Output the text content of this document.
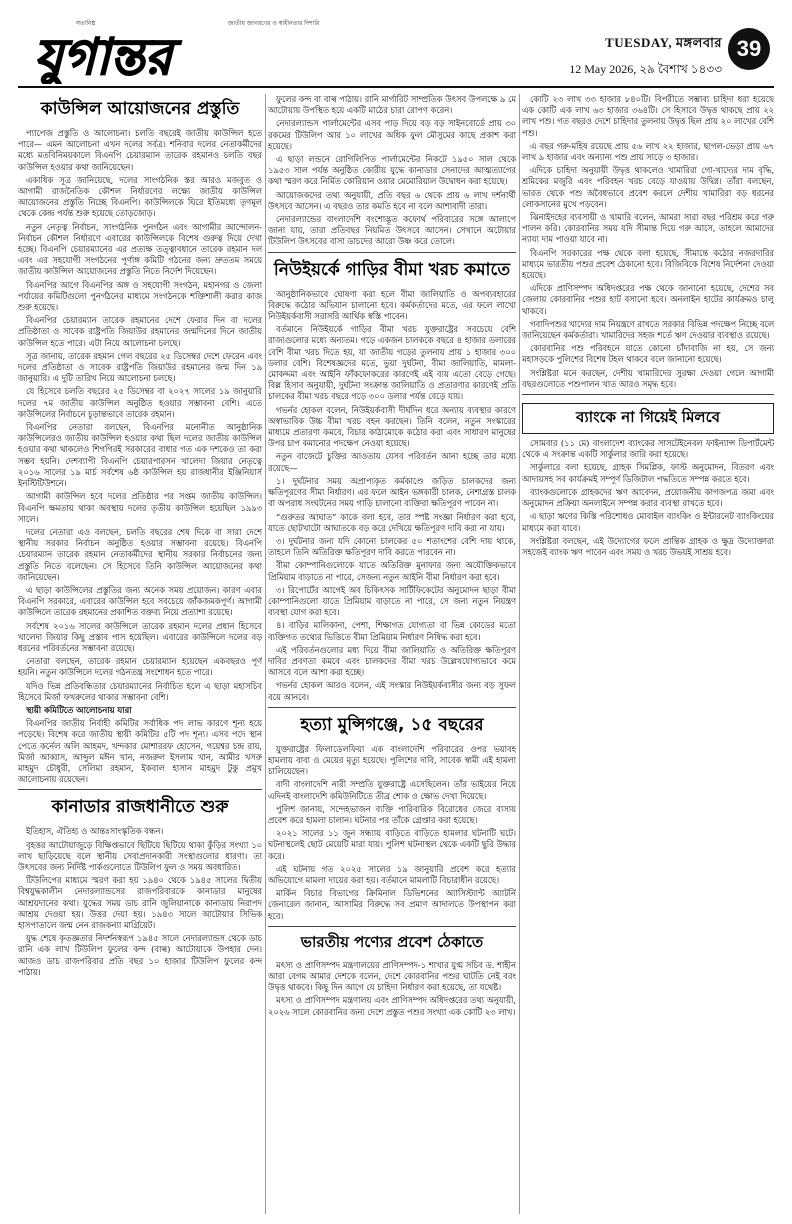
সত্যনিষ্ঠ	জাতীয় জাগরণের ও স্বাধীনতার দিশারি
যুগান্তর	TUESDAY, মঙ্গলবার
12 May 2026, ২৯ বৈশাখ ১৪৩৩
39
কাউন্সিল আয়োজনের প্রস্তুতি

প্যাপেজ প্রস্তুতি ও আলোচনা। চলতি বছরেই জাতীয় কাউন্সিল হতে পারে— এমন আলোচনা এখন দলের সর্বত্র। শনিবার দলের নেতাকর্মীদের মধ্যে মতবিনিময়কালে বিএনপি চেয়ারম্যান তারেক রহমানও চলতি বছর কাউন্সিল হওয়ার কথা জানিয়েছেন।

একাধিক সূত্র জানিয়েছে, দলের সাংগঠনিক স্তর আরও মজবুত ও আগামী রাজনৈতিক কৌশল নির্ধারণের লক্ষ্যে জাতীয় কাউন্সিল আয়োজনের প্রস্তুতি নিচ্ছে বিএনপি। কাউন্সিলকে ঘিরে ইতিমধ্যে তৃণমূল থেকে কেন্দ্র পর্যন্ত শুরু হয়েছে তোড়জোড়।

নতুন নেতৃত্ব নির্বাচন, সাংগঠনিক পুনর্গঠন এবং আগামীর আন্দোলন-নির্বাচন কৌশল নির্ধারণে এবারের কাউন্সিলকে বিশেষ গুরুত্ব দিয়ে দেখা হচ্ছে। বিএনপি চেয়ারম্যানের এর প্রত্যক্ষ তত্ত্বাবধানে তারেক রহমান দল এবং এর সহযোগী সংগঠনের পূর্ণাঙ্গ কমিটি গঠনের জন্য দ্রুততম সময়ে জাতীয় কাউন্সিল আয়োজনের প্রস্তুতি নিতে নির্দেশ দিয়েছেন।

বিএনপির আগে বিএনপির অঙ্গ ও সহযোগী সংগঠন, মহানগর ও জেলা পর্যায়ের কমিটিগুলো পুনর্গঠনের মাধ্যমে সংগঠনকে শক্তিশালী করার কাজ শুরু হয়েছে।

বিএনপির চেয়ারম্যান তারেক রহমানের দেশে ফেরার দিন বা দলের প্রতিষ্ঠাতা ও সাবেক রাষ্ট্রপতি জিয়াউর রহমানের জন্মদিনের দিনে জাতীয় কাউন্সিল হতে পারে। এটা নিয়ে আলোচনা চলছে।

সূত্র জানায়, তারেক রহমান গেল বছরের ২৫ ডিসেম্বর দেশে ফেরেন এবং দলের প্রতিষ্ঠাতা ও সাবেক রাষ্ট্রপতি জিয়াউর রহমানের জন্ম দিন ১৯ জানুয়ারি। এ দুটি তারিখ নিয়ে আলোচনা চলছে।

যে হিসেবে চলতি বছরের ২৫ ডিসেম্বর বা ২০২৭ সালের ১৯ জানুয়ারি দলের ৭ম জাতীয় কাউন্সিল অনুষ্ঠিত হওয়ার সম্ভাবনা বেশি। এতে কাউন্সিলের নির্বাচনে চূড়ান্তভাবে তারেক রহমান।

বিএনপির নেতারা বলছেন, বিএনপির মনোনীত আনুষ্ঠানিক কাউন্সিলেরও জাতীয় কাউন্সিল হওয়ার কথা ছিল দলের জাতীয় কাউন্সিল হওয়ার কথা থাকলেও শিগগিরই সরকারের বাধার গত এক দশকেও তা করা সম্ভব হয়নি। দেশব্যাপী বিএনপি চেয়ারপারসন খালেদা জিয়ার নেতৃত্বে ২০১৬ সালের ১৯ মার্চ সর্বশেষ ৬ষ্ঠ কাউন্সিল হয় রাজধানীর ইঞ্জিনিয়ার্স ইনস্টিটিউশনে।

আগামী কাউন্সিল হবে দলের প্রতিষ্ঠার পর সপ্তম জাতীয় কাউন্সিল। বিএনপি ক্ষমতায় থাকা অবস্থায় দলের তৃতীয় কাউন্সিল হয়েছিল ১৯৯৩ সালে।

দলের নেতারা এও বলছেন, চলতি বছরের শেষ দিকে বা সারা দেশে স্থানীয় সরকার নির্বাচন অনুষ্ঠিত হওয়ার সম্ভাবনা রয়েছে। বিএনপি চেয়ারম্যান তারেক রহমান নেতাকর্মীদের স্থানীয় সরকার নির্বাচনের জন্য প্রস্তুতি নিতে বলেছেন। সে হিসেবে তিনি কাউন্সিল আয়োজনের কথা জানিয়েছেন।

এ ছাড়া কাউন্সিলের প্রস্তুতির জন্য অনেক সময় প্রয়োজন। কারণ এবার বিএনপি সরকারে, এবারের কাউন্সিল হবে সবচেয়ে জাঁকজমকপূর্ণ। আগামী কাউন্সিলে তারেক রহমানের প্রকাশিত বক্তব্য নিয়ে প্রত্যাশা রয়েছে।

সর্বশেষ ২০১৬ সালের কাউন্সিলে তারেক রহমান দলের প্রধান হিসেবে খালেদা জিয়ার কিছু প্রস্তাব পাস হয়েছিল। এবারের কাউন্সিলে দলের বড় ধরনের পরিবর্তনের সম্ভাবনা রয়েছে।

নেতারা বলছেন, তারেক রহমান চেয়ারম্যান হয়েছেন একবছরও পূর্ণ হয়নি। নতুন কাউন্সিলে দলের গঠনতন্ত্র সংশোধন হতে পারে।

যদিও ভিন্ন প্রতিবন্ধিতার চেয়ারম্যানের নির্বাচিত হলে এ ছাড়া মহাসচিব হিসেবে মির্জা ফখরুলের থাকার সম্ভাবনা বেশি।

স্থায়ী কমিটিতে আলোচনায় যারা

বিএনপির জাতীয় নির্বাহী কমিটির সর্বাধিক পদ লাভ কারণে শূন্য হয়ে পড়েছে। বিশেষ করে জাতীয় স্থায়ী কমিটির ৫টি পদ শূন্য। এসব পদে স্থান পেতে কর্নেল অলি আহমদ, খন্দকার মোশাররফ হোসেন, গয়েশ্বর চন্দ্র রায়, মির্জা আব্বাস, আব্দুল মঈন খান, নজরুল ইসলাম খান, আমীর খসরু মাহমুদ চৌধুরী, সেলিমা রহমান, ইকবাল হাসান মাহমুদ টুকু প্রমুখ আলোচনায় রয়েছেন।

কানাডার রাজধানীতে শুরু

ইতিহাস, ঐতিহ্য ও আন্তঃসাংস্কৃতিক বন্ধন।

বৃহত্তর আটোয়াজুড়ে বিক্ষিপ্তভাবে ছিটিয়ে ছিটিয়ে থাকা কুঁড়ির সংখ্যা ১০ লাখ ছাড়িয়েছে বলে স্থানীয় সেবাপ্রদানকারী সংস্থাগুলোর ধারণা। তা উৎসবের জন্য নির্দিষ্ট পার্কগুলোতে টিউলিপ ফুল ও সময় অবধারিত।

টিউলিপের মাধ্যমে স্মরণ করা হয় ১৯৪০ থেকে ১৯৪৫ সালের দ্বিতীয় বিশ্বযুদ্ধকালীন নেদারল্যান্ডসের রাজপরিবারকে কানাডার মানুষের আশ্রয়দানের কথা। যুদ্ধের সময় ডাচ রানি জুলিয়ানাকে কানাডায় নিরাপদ আশ্রয় দেওয়া হয়। উত্তর দেয়া হয়। ১৯৪৩ সালে আটোয়ার সিভিক হাসপাতালে জন্ম নেন রাজকন্যা মার্গ্রিয়েট।

যুদ্ধ শেষে কৃতজ্ঞতার নিদর্শনস্বরূপ ১৯৪৫ সালে নেদারল্যান্ডস থেকে ডাচ রানি এক লাখ টিউলিপ ফুলের কন্দ (বাল্ব) আটোয়াকে উপহার দেন। আজও ডাচ রাজপরিবার প্রতি বছর ১০ হাজার টিউলিপ ফুলের কন্দ পাঠায়।

ফুলের কন্দ বা বাল্ব পাঠায়। রানি মার্গারিট সাম্প্রতিক উৎসব উপলক্ষে ৯ মে আটোয়ায় উপস্থিত হয়ে একটি মাঠের চারা রোপণ করেন।

নেদারল্যান্ডস পার্লামেন্টের এসব পাড় দিয়ে বড় বড় সাইনবোর্ডে প্রায় ৩০ রকমের টিউলিপ আর ১০ লাখের অধিক ফুল মৌসুমের কাছে প্রকাশ করা হয়েছে।

এ ছাড়া লন্ডনে রোগিলিপিত পার্লামেন্টের নিকটে ১৯৫০ সাল থেকে ১৯৫৩ সাল পর্যন্ত অনুষ্ঠিত কোরীয় যুদ্ধে কানাডার সেনাদের আত্মত্যাগের কথা স্মরণ করে নির্মিত কোরিয়ান ওয়ার মেমোরিয়াল উদ্বোধন করা হয়েছে।

আয়োজকদের তথ্য অনুযায়ী, প্রতি বছর ৬ থেকে প্রায় ৬ লাখ দর্শনার্থী উৎসবে আসেন। এ বছরও তার কমতি হবে না বলে আশাবাদী তারা।

নেদারল্যান্ডের বাংলাদেশি বংশোদ্ভূত কফোর্থ পরিবারের সঙ্গে আলাপে জানা যায়, তারা প্রতিবছর নিয়মিত উৎসবে আসেন। সেখানে অটোয়ার টিউলিপ উৎসবের বাসা ডাচদের আরো উষ্ণ করে তোলে।

নিউইয়র্কে গাড়ির বীমা খরচ কমাতে

আনুষ্ঠানিকভাবে ঘোষণা করা হলে বীমা জালিয়াতি ও অপব্যবহারের বিরুদ্ধে কঠোর অভিযান চালানো হবে। কর্মকর্তাদের মতে, এর ফলে লাখো নিউইয়র্কবাসী সরাসরি আর্থিক স্বস্তি পাবেন।

বর্তমানে নিউইয়র্কে গাড়ির বীমা খরচ যুক্তরাষ্ট্রের সবচেয়ে বেশি রাজ্যগুলোর মধ্যে অন্যতম। গড়ে একজন চালককে বছরে ৪ হাজার ডলারের বেশি বীমা খরচ দিতে হয়, যা জাতীয় গড়ের তুলনায় প্রায় ১ হাজার ৩০০ ডলার বেশি। বিশেষজ্ঞদের মতে, ভুয়া দুর্ঘটনা, বীমা জালিয়াতি, মামলা-মোকদ্দমা এবং আইনি ফাঁকফোকরের কারণেই এই ব্যয় এতো বেড়ে গেছে। বিল্ল হিসাব অনুযায়ী, দুর্ঘটনা সংক্রান্ত জালিয়াতি ও প্রতারণার কারণেই প্রতি চালকের বীমা খরচ বছরে গড়ে ৩০০ ডলার পর্যন্ত বেড়ে যায়।

গভর্নর হোকল বলেন, নিউইয়র্কবাসী দীর্ঘদিন ধরে অন্যায় ব্যবস্থার কারণে অস্বাভাবিক উচ্চ বীমা খরচ বহন করছেন। তিনি বলেন, নতুন সংস্কারের মাধ্যমে প্রতারণা কমবে, বিচার কাঠামোকে কঠোর করা এবং সাধারণ মানুষের উপর চাপ কমানোর পদক্ষেপ নেওয়া হয়েছে।

নতুন বাজেটে চুক্তির আওতায় যেসব পরিবর্তন আনা হচ্ছে তার মধ্যে রয়েছে—

১। দুর্ঘটনার সময় অপ্রাপ্যকৃত কর্মকাণ্ডে জড়িত চালকদের জন্য ক্ষতিপূরণের সীমা নির্ধারণ। এর ফলে আইন ভঙ্গকারী চালক, নেশাগ্রস্ত চালক বা অপরাধ সংঘটনের সময় গাড়ি চালানো ব্যক্তিরা ক্ষতিপূরণ পাবেন না।

“গুরুতর আঘাত” কাকে বলা হবে, তার স্পষ্ট সংজ্ঞা নির্ধারণ করা হবে, যাতে ছোটখাটো আঘাতকে বড় করে দেখিয়ে ক্ষতিপূরণ দাবি করা না যায়।

৩। দুর্ঘটনার জন্য যদি কোনো চালকের ৫০ শতাংশের বেশি দায় থাকে, তাহলে তিনি অতিরিক্ত ক্ষতিপূরণ দাবি করতে পারবেন না।

বীমা কোম্পানিগুলোকে যাতে অতিরিক্ত মুনাফার জন্য অযৌক্তিকভাবে প্রিমিয়াম বাড়াতে না পারে, সেজন্য নতুন আইনি বীমা নির্ধারণ করা হবে।

৩। রিপোর্টের আগেই অব চিকিৎসক সার্টিফিকেটের অনুমোদন ছাড়া বীমা কোম্পানিগুলো যাতে প্রিমিয়াম বাড়াতে না পারে, সে জন্য নতুন নিয়ন্ত্রণ ব্যবস্থা যোগ করা হবে।

৪। বাড়ির মালিকানা, পেশা, শিক্ষাগত যোগ্যতা বা ভিন্ন কোডের মতো ব্যক্তিগত তথ্যের ভিত্তিতে বীমা প্রিমিয়াম নির্ধারণ নিষিদ্ধ করা হবে।

এই পরিবর্তনগুলোর মধ্য দিয়ে বীমা জালিয়াতি ও অতিরিক্ত ক্ষতিপূরণ দাবির প্রবণতা কমবে এবং চালকদের বীমা খরচ উল্লেখযোগ্যভাবে কমে আসবে বলে আশা করা হচ্ছে।

গভর্নর হোকল আরও বলেন, এই সংস্কার নিউইয়র্কবাসীর জন্য বড় সুফল বয়ে আনবে।

হত্যা মুন্সিগঞ্জে, ১৫ বছরের

যুক্তরাষ্ট্রের ফিলাডেলফিয়া এক বাংলাদেশি পরিবারের ওপর ভয়াবহ হামলায় বাবা ও মেয়ের মৃত্যু হয়েছে। পুলিশের দাবি, সাবেক স্বামী এই হামলা চালিয়েছেন।

বাদী বাংলাদেশি নারী সম্প্রতি যুক্তরাষ্ট্রে এসেছিলেন। তাঁর ভাইয়ের নিয়ে এদিনই বাংলাদেশি কমিউনিটিতে তীব্র শোক ও ক্ষোভ দেখা দিয়েছে।

পুলিশ জানায়, সন্দেহভাজন ব্যক্তি পারিবারিক বিরোধের জেরে বাসায় প্রবেশ করে হামলা চালান। ঘটনার পর তাঁকে গ্রেপ্তার করা হয়েছে।

২০২১ সালের ১১ জুন সন্ধ্যায় বাড়িতে বাড়িতে হামলার ঘটনাটি ঘটে। ঘটনাস্থলেই ছোট মেয়েটি মারা যায়। পুলিশ ঘটনাস্থল থেকে একটি ছুরি উদ্ধার করে।

এই ঘটনায় গত ২০২৫ সালের ১৯ জানুয়ারি প্রবেশ করে হত্যার অভিযোগে মামলা দায়ের করা হয়। বর্তমানে মামলাটি বিচারাধীন রয়েছে।

মার্কিন বিচার বিভাগের ক্রিমিনাল ডিভিশনের অ্যাসিস্ট্যান্ট অ্যাটর্নি জেনারেল জানান, আসামির বিরুদ্ধে সব প্রমাণ আদালতে উপস্থাপন করা হবে।

ভারতীয় পণ্যের প্রবেশ ঠেকাতে

মৎস্য ও প্রাণিসম্পদ মন্ত্রণালয়ের প্রাণিসম্পদ-১ শাখার যুগ্ম সচিব ড. শাহীন আরা বেগম আমার দেশকে বলেন, দেশে কোরবানির পশুর ঘাটতি নেই বরং উদ্বৃত্ত থাকবে। কিছু দিন আগে যে চাহিদা নির্ধারণ করা হয়েছে, তা যথেষ্ট।

মৎস্য ও প্রাণিসম্পদ মন্ত্রণালয় এবং প্রাণিসম্পদ অধিদপ্তরের তথ্য অনুযায়ী, ২০২৬ সালে কোরবানির জন্য দেশে প্রস্তুত পশুর সংখ্যা এক কোটি ২৩ লাখ।

কোটি ২৩ লাখ ৩৩ হাজার ৮৪০টি। বিপরীতে সম্ভাব্য চাহিদা ধরা হয়েছে এক কোটি এক লাখ ৬৩ হাজার ৩৬৪টি। সে হিসাবে উদ্বৃত্ত থাকছে প্রায় ২২ লাখ পশু। গত বছরও দেশে চাহিদার তুলনায় উদ্বৃত্ত ছিল প্রায় ২০ লাখের বেশি পশু।

এ বছর গরু-মহিষ রয়েছে প্রায় ৫৬ লাখ ২২ হাজার, ছাগল-ভেড়া প্রায় ৬৭ লাখ ৯ হাজার এবং অন্যান্য পশু প্রায় সাড়ে ৩ হাজার।

এদিকে চাহিদা অনুযায়ী উদ্বৃত্ত থাকলেও খামারিরা গো-খাদ্যের দাম বৃদ্ধি, শ্রমিকের মজুরি এবং পরিবহন খরচ বেড়ে যাওয়ায় উদ্বিগ্ন। তাঁরা বলছেন, ভারত থেকে পশু অবৈধভাবে প্রবেশ করলে দেশীয় খামারিরা বড় ধরনের লোকসানের মুখে পড়বেন।

ঝিনাইদহের ব্যবসায়ী ও খামারি বলেন, আমরা সারা বছর পরিশ্রম করে গরু পালন করি। কোরবানির সময় যদি সীমান্ত দিয়ে গরু আসে, তাহলে আমাদের ন্যায্য দাম পাওয়া যাবে না।

বিএনপি সরকারের পক্ষ থেকে বলা হয়েছে, সীমান্তে কঠোর নজরদারির মাধ্যমে ভারতীয় পশুর প্রবেশ ঠেকানো হবে। বিজিবিকে বিশেষ নির্দেশনা দেওয়া হয়েছে।

এদিকে প্রাণিসম্পদ অধিদপ্তরের পক্ষ থেকে জানানো হয়েছে, দেশের সব জেলায় কোরবানির পশুর হাট বসানো হবে। অনলাইন হাটের কার্যক্রমও চালু থাকবে।

গবাদিপশুর খাদ্যের দাম নিয়ন্ত্রণে রাখতে সরকার বিভিন্ন পদক্ষেপ নিচ্ছে বলে জানিয়েছেন কর্মকর্তারা। খামারিদের সহজ শর্তে ঋণ দেওয়ার ব্যবস্থাও রয়েছে।

কোরবানির পশু পরিবহনে যাতে কোনো চাঁদাবাজি না হয়, সে জন্য মহাসড়কে পুলিশের বিশেষ টহল থাকবে বলে জানানো হয়েছে।

সংশ্লিষ্টরা মনে করছেন, দেশীয় খামারিদের সুরক্ষা দেওয়া গেলে আগামী বছরগুলোতে পশুপালন খাত আরও সমৃদ্ধ হবে।

ব্যাংকে না গিয়েই মিলবে

সোমবার (১১ মে) বাংলাদেশ ব্যাংকের সাসটেইনেবল ফাইন্যান্স ডিপার্টমেন্ট থেকে এ সংক্রান্ত একটি সার্কুলার জারি করা হয়েছে।

সার্কুলারে বলা হয়েছে, গ্রাহক সিমপ্লিক, ফাস্ট অনুমোদন, বিতরণ এবং আদায়সহ সব কার্যক্রমই সম্পূর্ণ ডিজিটাল পদ্ধতিতে সম্পন্ন করতে হবে।

ব্যাংকগুলোকে গ্রাহকদের ঋণ আবেদন, প্রয়োজনীয় কাগজপত্র জমা এবং অনুমোদন প্রক্রিয়া অনলাইনে সম্পন্ন করার ব্যবস্থা রাখতে হবে।

এ ছাড়া ঋণের কিস্তি পরিশোধও মোবাইল ব্যাংকিং ও ইন্টারনেট ব্যাংকিংয়ের মাধ্যমে করা যাবে।

সংশ্লিষ্টরা বলছেন, এই উদ্যোগের ফলে প্রান্তিক গ্রাহক ও ক্ষুদ্র উদ্যোক্তারা সহজেই ব্যাংক ঋণ পাবেন এবং সময় ও খরচ উভয়ই সাশ্রয় হবে।
